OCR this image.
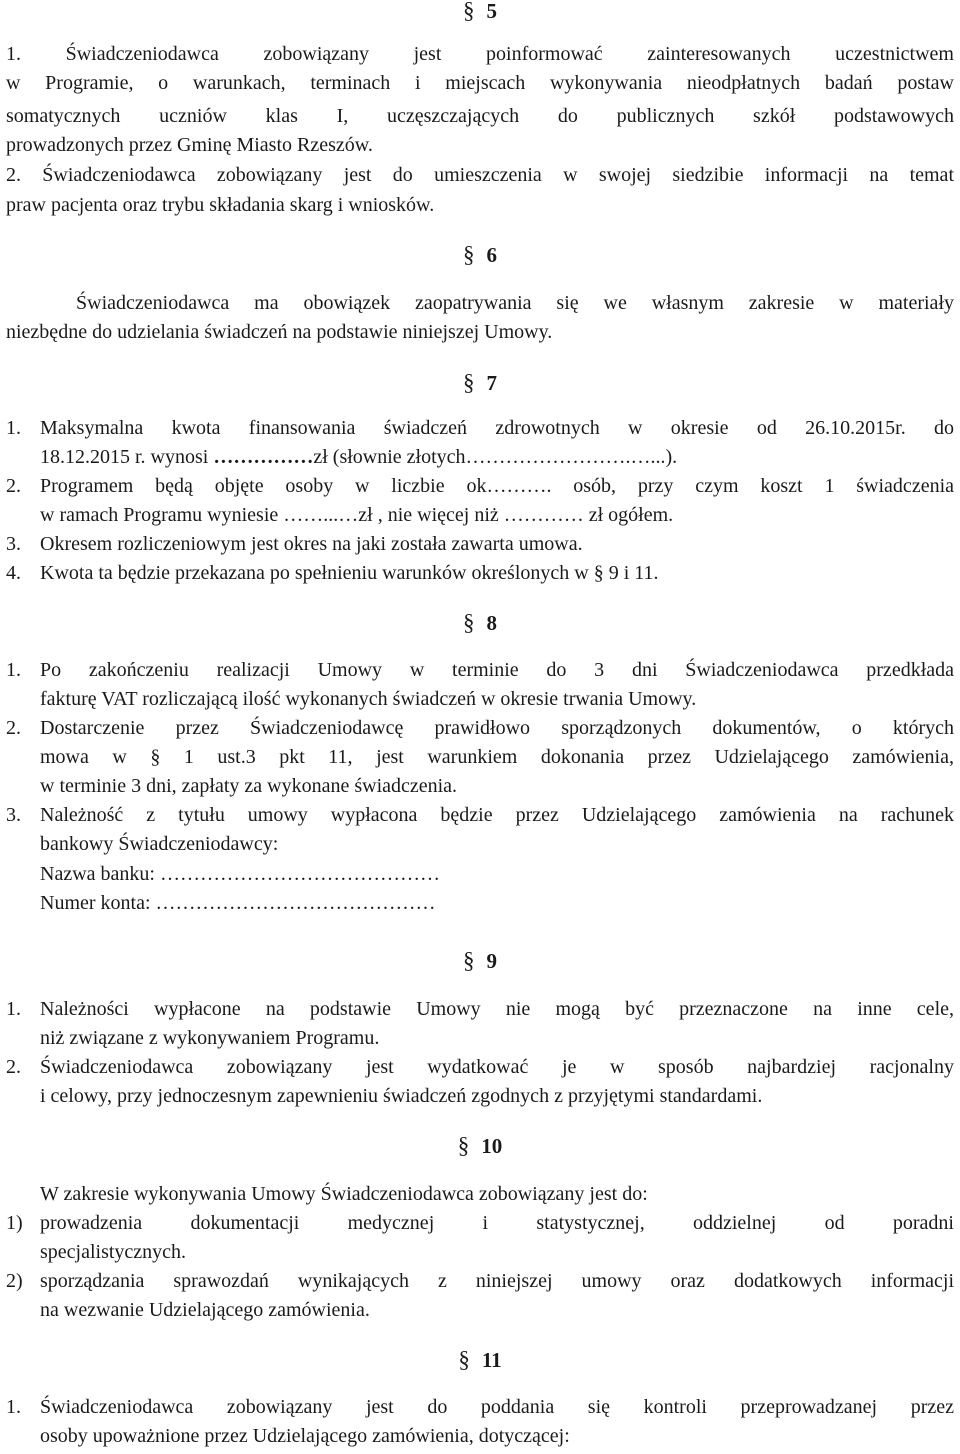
§ 5
1. Świadczeniodawca zobowiązany jest poinformować zainteresowanych uczestnictwem
w Programie, o warunkach, terminach i miejscach wykonywania nieodpłatnych badań postaw
somatycznych uczniów klas I, uczęszczających do publicznych szkół podstawowych
prowadzonych przez Gminę Miasto Rzeszów.
2. Świadczeniodawca zobowiązany jest do umieszczenia w swojej siedzibie informacji na temat
praw pacjenta oraz trybu składania skarg i wniosków.
§ 6
Świadczeniodawca ma obowiązek zaopatrywania się we własnym zakresie w materiały
niezbędne do udzielania świadczeń na podstawie niniejszej Umowy.
§ 7
1. Maksymalna kwota finansowania świadczeń zdrowotnych w okresie od 26.10.2015r. do
18.12.2015 r. wynosi ……………zł (słownie złotych…………………….…...).
2. Programem będą objęte osoby w liczbie ok………. osób, przy czym koszt 1 świadczenia
w ramach Programu wyniesie ……...…zł , nie więcej niż ………… zł ogółem.
3. Okresem rozliczeniowym jest okres na jaki została zawarta umowa.
4. Kwota ta będzie przekazana po spełnieniu warunków określonych w § 9 i 11.
§ 8
1. Po zakończeniu realizacji Umowy w terminie do 3 dni Świadczeniodawca przedkłada
fakturę VAT rozliczającą ilość wykonanych świadczeń w okresie trwania Umowy.
2. Dostarczenie przez Świadczeniodawcę prawidłowo sporządzonych dokumentów, o których
mowa w § 1 ust.3 pkt 11, jest warunkiem dokonania przez Udzielającego zamówienia,
w terminie 3 dni, zapłaty za wykonane świadczenia.
3. Należność z tytułu umowy wypłacona będzie przez Udzielającego zamówienia na rachunek
bankowy Świadczeniodawcy:
Nazwa banku: ……………………………………
Numer konta: ……………………………………
§ 9
1. Należności wypłacone na podstawie Umowy nie mogą być przeznaczone na inne cele,
niż związane z wykonywaniem Programu.
2. Świadczeniodawca zobowiązany jest wydatkować je w sposób najbardziej racjonalny
i celowy, przy jednoczesnym zapewnieniu świadczeń zgodnych z przyjętymi standardami.
§ 10
W zakresie wykonywania Umowy Świadczeniodawca zobowiązany jest do:
1) prowadzenia dokumentacji medycznej i statystycznej, oddzielnej od poradni
specjalistycznych.
2) sporządzania sprawozdań wynikających z niniejszej umowy oraz dodatkowych informacji
na wezwanie Udzielającego zamówienia.
§ 11
1. Świadczeniodawca zobowiązany jest do poddania się kontroli przeprowadzanej przez
osoby upoważnione przez Udzielającego zamówienia, dotyczącej:
